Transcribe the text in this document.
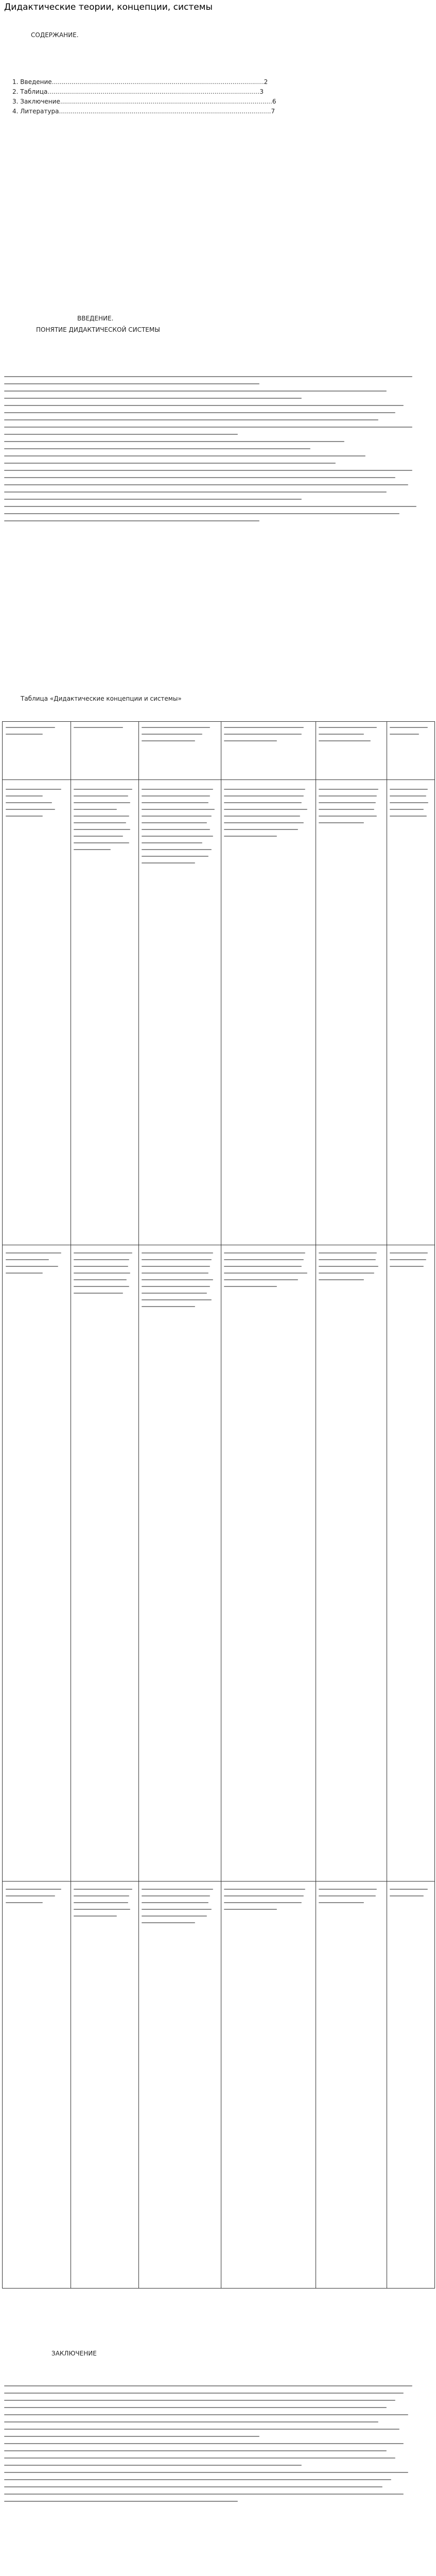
Дидактические теории, концепции, системы
СОДЕРЖАНИЕ.
1. Введение ............................................................................................................ 2
2. Таблица ............................................................................................................ 3
3. Заключение ............................................................................................................ 6
4. Литература ............................................................................................................ 7
ВВЕДЕНИЕ.
ПОНЯТИЕ ДИДАКТИЧЕСКОЙ СИСТЕМЫ
Таблица «Дидактические концепции и системы»
ЗАКЛЮЧЕНИЕ
